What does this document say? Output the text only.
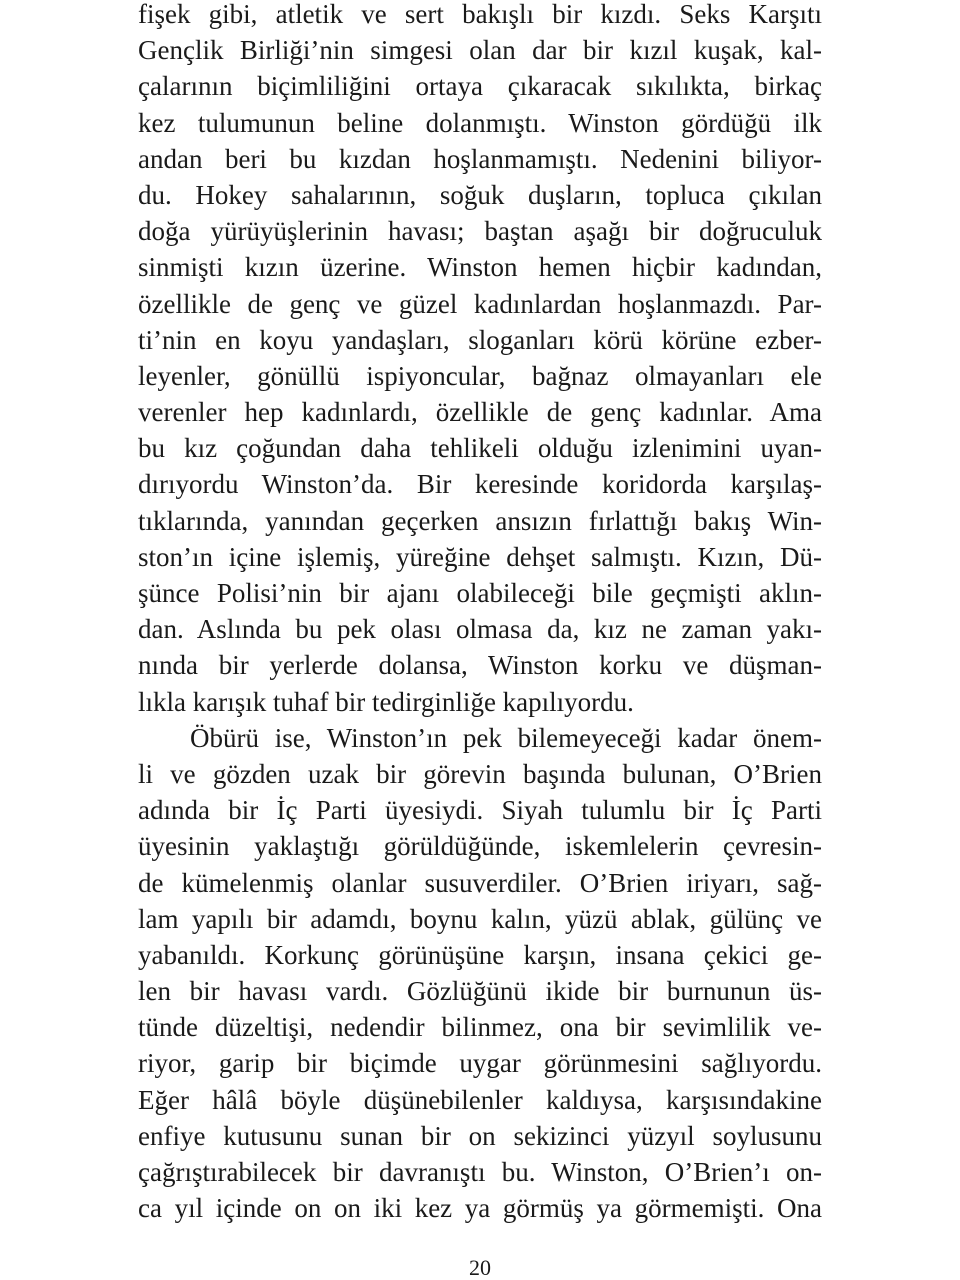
fişek gibi, atletik ve sert bakışlı bir kızdı. Seks Karşıtı
Gençlik Birliği’nin simgesi olan dar bir kızıl kuşak, kal-
çalarının biçimliliğini ortaya çıkaracak sıkılıkta, birkaç
kez tulumunun beline dolanmıştı. Winston gördüğü ilk
andan beri bu kızdan hoşlanmamıştı. Nedenini biliyor-
du. Hokey sahalarının, soğuk duşların, topluca çıkılan
doğa yürüyüşlerinin havası; baştan aşağı bir doğruculuk
sinmişti kızın üzerine. Winston hemen hiçbir kadından,
özellikle de genç ve güzel kadınlardan hoşlanmazdı. Par-
ti’nin en koyu yandaşları, sloganları körü körüne ezber-
leyenler, gönüllü ispiyoncular, bağnaz olmayanları ele
verenler hep kadınlardı, özellikle de genç kadınlar. Ama
bu kız çoğundan daha tehlikeli olduğu izlenimini uyan-
dırıyordu Winston’da. Bir keresinde koridorda karşılaş-
tıklarında, yanından geçerken ansızın fırlattığı bakış Win-
ston’ın içine işlemiş, yüreğine dehşet salmıştı. Kızın, Dü-
şünce Polisi’nin bir ajanı olabileceği bile geçmişti aklın-
dan. Aslında bu pek olası olmasa da, kız ne zaman yakı-
nında bir yerlerde dolansa, Winston korku ve düşman-
lıkla karışık tuhaf bir tedirginliğe kapılıyordu.
Öbürü ise, Winston’ın pek bilemeyeceği kadar önem-
li ve gözden uzak bir görevin başında bulunan, O’Brien
adında bir İç Parti üyesiydi. Siyah tulumlu bir İç Parti
üyesinin yaklaştığı görüldüğünde, iskemlelerin çevresin-
de kümelenmiş olanlar susuverdiler. O’Brien iriyarı, sağ-
lam yapılı bir adamdı, boynu kalın, yüzü ablak, gülünç ve
yabanıldı. Korkunç görünüşüne karşın, insana çekici ge-
len bir havası vardı. Gözlüğünü ikide bir burnunun üs-
tünde düzeltişi, nedendir bilinmez, ona bir sevimlilik ve-
riyor, garip bir biçimde uygar görünmesini sağlıyordu.
Eğer hâlâ böyle düşünebilenler kaldıysa, karşısındakine
enfiye kutusunu sunan bir on sekizinci yüzyıl soylusunu
çağrıştırabilecek bir davranıştı bu. Winston, O’Brien’ı on-
ca yıl içinde on on iki kez ya görmüş ya görmemişti. Ona
20
